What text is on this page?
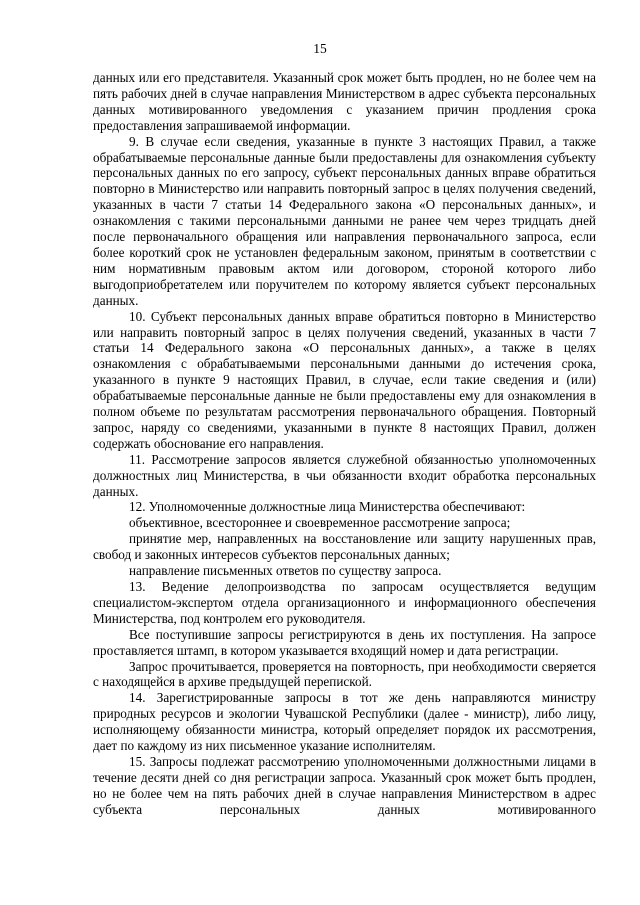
15

данных или его представителя. Указанный срок может быть продлен, но не более чем на пять рабочих дней в случае направления Министерством в адрес субъекта персональных данных мотивированного уведомления с указанием причин продления срока предоставления запрашиваемой информации.

9. В случае если сведения, указанные в пункте 3 настоящих Правил, а также обрабатываемые персональные данные были предоставлены для ознакомления субъекту персональных данных по его запросу, субъект персональных данных вправе обратиться повторно в Министерство или направить повторный запрос в целях получения сведений, указанных в части 7 статьи 14 Федерального закона «О персональных данных», и ознакомления с такими персональными данными не ранее чем через тридцать дней после первоначального обращения или направления первоначального запроса, если более короткий срок не установлен федеральным законом, принятым в соответствии с ним нормативным правовым актом или договором, стороной которого либо выгодоприобретателем или поручителем по которому является субъект персональных данных.

10. Субъект персональных данных вправе обратиться повторно в Министерство или направить повторный запрос в целях получения сведений, указанных в части 7 статьи 14 Федерального закона «О персональных данных», а также в целях ознакомления с обрабатываемыми персональными данными до истечения срока, указанного в пункте 9 настоящих Правил, в случае, если такие сведения и (или) обрабатываемые персональные данные не были предоставлены ему для ознакомления в полном объеме по результатам рассмотрения первоначального обращения. Повторный запрос, наряду со сведениями, указанными в пункте 8 настоящих Правил, должен содержать обоснование его направления.

11. Рассмотрение запросов является служебной обязанностью уполномоченных должностных лиц Министерства, в чьи обязанности входит обработка персональных данных.

12. Уполномоченные должностные лица Министерства обеспечивают:

объективное, всестороннее и своевременное рассмотрение запроса;

принятие мер, направленных на восстановление или защиту нарушенных прав, свобод и законных интересов субъектов персональных данных;

направление письменных ответов по существу запроса.

13. Ведение делопроизводства по запросам осуществляется ведущим специалистом-экспертом отдела организационного и информационного обеспечения Министерства, под контролем его руководителя.

Все поступившие запросы регистрируются в день их поступления. На запросе проставляется штамп, в котором указывается входящий номер и дата регистрации.

Запрос прочитывается, проверяется на повторность, при необходимости сверяется с находящейся в архиве предыдущей перепиской.

14. Зарегистрированные запросы в тот же день направляются министру природных ресурсов и экологии Чувашской Республики (далее - министр), либо лицу, исполняющему обязанности министра, который определяет порядок их рассмотрения, дает по каждому из них письменное указание исполнителям.

15. Запросы подлежат рассмотрению уполномоченными должностными лицами в течение десяти дней со дня регистрации запроса. Указанный срок может быть продлен, но не более чем на пять рабочих дней в случае направления Министерством в адрес субъекта персональных данных мотивированного
